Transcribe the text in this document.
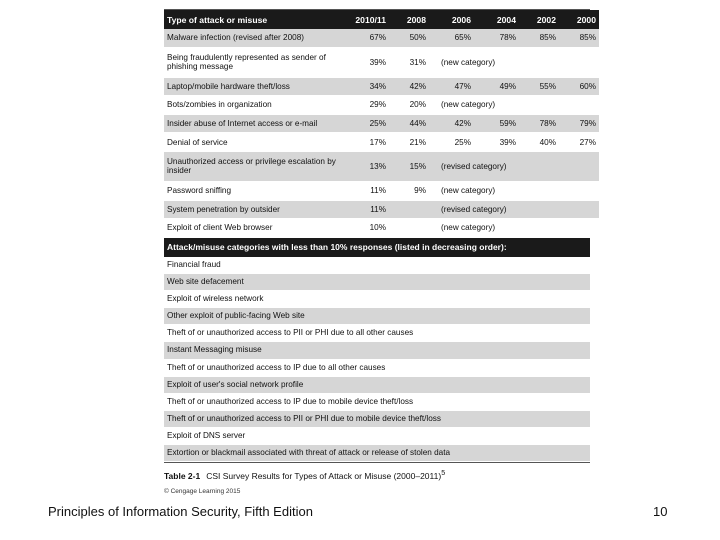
Type of attack or misuse	2010/11	2008	2006	2004	2002	2000
Malware infection (revised after 2008)	67%	50%	65%	78%	85%	85%
Being fraudulently represented as sender of phishing message	39%	31%	(new category)			
Laptop/mobile hardware theft/loss	34%	42%	47%	49%	55%	60%
Bots/zombies in organization	29%	20%	(new category)			
Insider abuse of Internet access or e-mail	25%	44%	42%	59%	78%	79%
Denial of service	17%	21%	25%	39%	40%	27%
Unauthorized access or privilege escalation by insider	13%	15%	(revised category)			
Password sniffing	11%	9%	(new category)			
System penetration by outsider	11%		(revised category)			
Exploit of client Web browser	10%		(new category)			
Attack/misuse categories with less than 10% responses (listed in decreasing order):
Financial fraud
Web site defacement
Exploit of wireless network
Other exploit of public-facing Web site
Theft of or unauthorized access to PII or PHI due to all other causes
Instant Messaging misuse
Theft of or unauthorized access to IP due to all other causes
Exploit of user's social network profile
Theft of or unauthorized access to IP due to mobile device theft/loss
Theft of or unauthorized access to PII or PHI due to mobile device theft/loss
Exploit of DNS server
Extortion or blackmail associated with threat of attack or release of stolen data
Table 2-1 CSI Survey Results for Types of Attack or Misuse (2000–2011)$^5$
© Cengage Learning 2015
Principles of Information Security, Fifth Edition	10
